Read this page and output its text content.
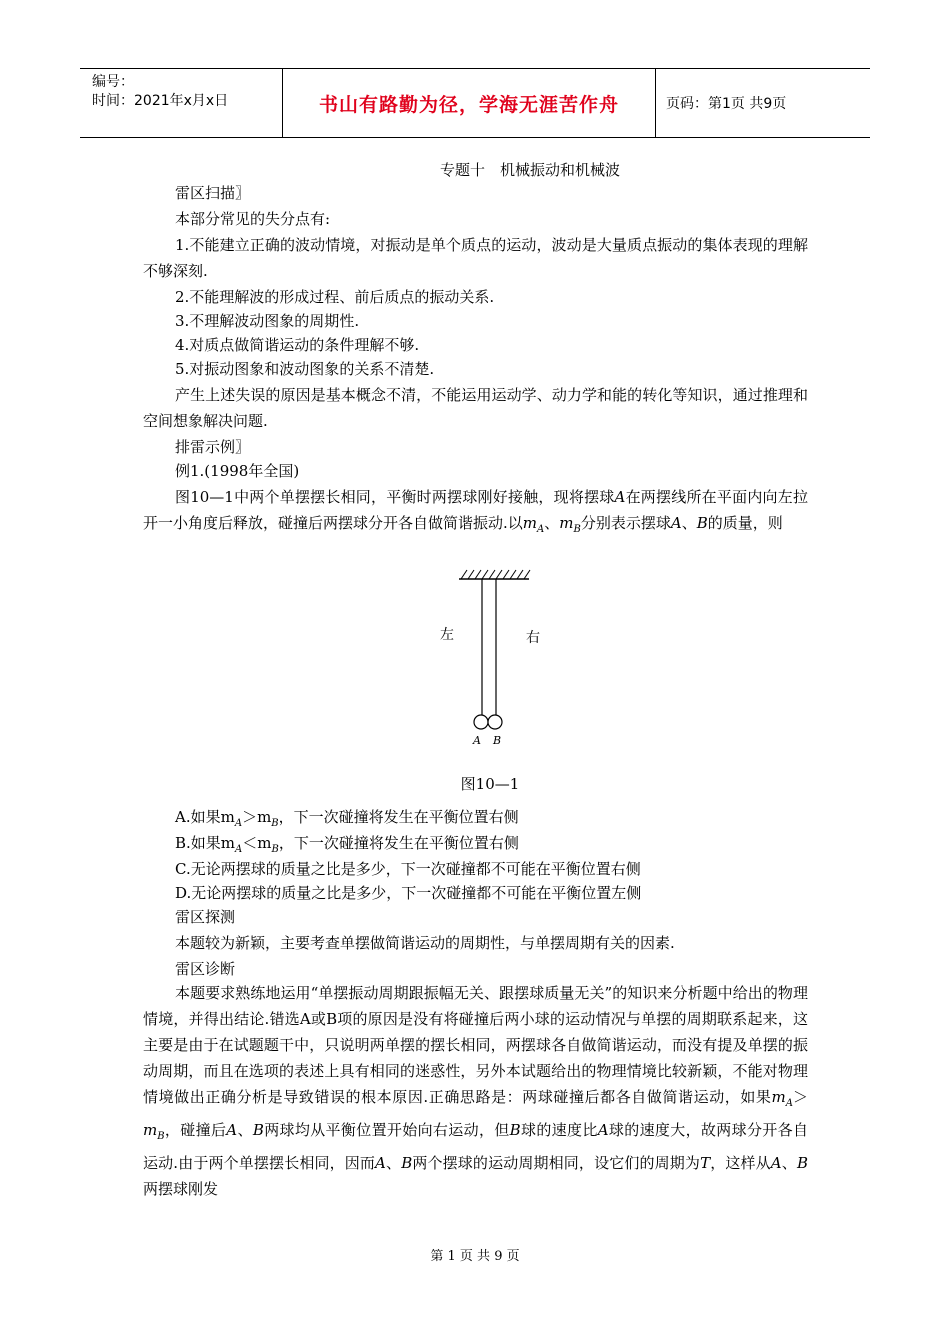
编号：
时间：2021年x月x日	书山有路勤为径，学海无涯苦作舟	页码：第1页 共9页
专题十　机械振动和机械波
雷区扫描〗
本部分常见的失分点有:
1.不能建立正确的波动情境，对振动是单个质点的运动，波动是大量质点振动的集体表现的理解不够深刻.
2.不能理解波的形成过程、前后质点的振动关系.
3.不理解波动图象的周期性.
4.对质点做简谐运动的条件理解不够.
5.对振动图象和波动图象的关系不清楚.
产生上述失误的原因是基本概念不清，不能运用运动学、动力学和能的转化等知识，通过推理和空间想象解决问题.
排雷示例〗
例1.(1998年全国)
图10—1中两个单摆摆长相同，平衡时两摆球刚好接触，现将摆球A在两摆线所在平面内向左拉开一小角度后释放，碰撞后两摆球分开各自做简谐振动.以$m_A$、$m_B$分别表示摆球A、B的质量，则
左	右
A B
图10—1
A.如果$m_A>m_B$，下一次碰撞将发生在平衡位置右侧
B.如果$m_A<m_B$，下一次碰撞将发生在平衡位置右侧
C.无论两摆球的质量之比是多少，下一次碰撞都不可能在平衡位置右侧
D.无论两摆球的质量之比是多少，下一次碰撞都不可能在平衡位置左侧
雷区探测
本题较为新颖，主要考查单摆做简谐运动的周期性，与单摆周期有关的因素.
雷区诊断
本题要求熟练地运用“单摆振动周期跟振幅无关、跟摆球质量无关”的知识来分析题中给出的物理情境，并得出结论.错选A或B项的原因是没有将碰撞后两小球的运动情况与单摆的周期联系起来，这主要是由于在试题题干中，只说明两单摆的摆长相同，两摆球各自做简谐运动，而没有提及单摆的振动周期，而且在选项的表述上具有相同的迷惑性，另外本试题给出的物理情境比较新颖，不能对物理情境做出正确分析是导致错误的根本原因.正确思路是：两球碰撞后都各自做简谐运动，如果$m_A>m_B$，碰撞后A、B两球均从平衡位置开始向右运动，但B球的速度比A球的速度大，故两球分开各自运动.由于两个单摆摆长相同，因而A、B两个摆球的运动周期相同，设它们的周期为T，这样从A、B两摆球刚发
第 1 页 共 9 页
